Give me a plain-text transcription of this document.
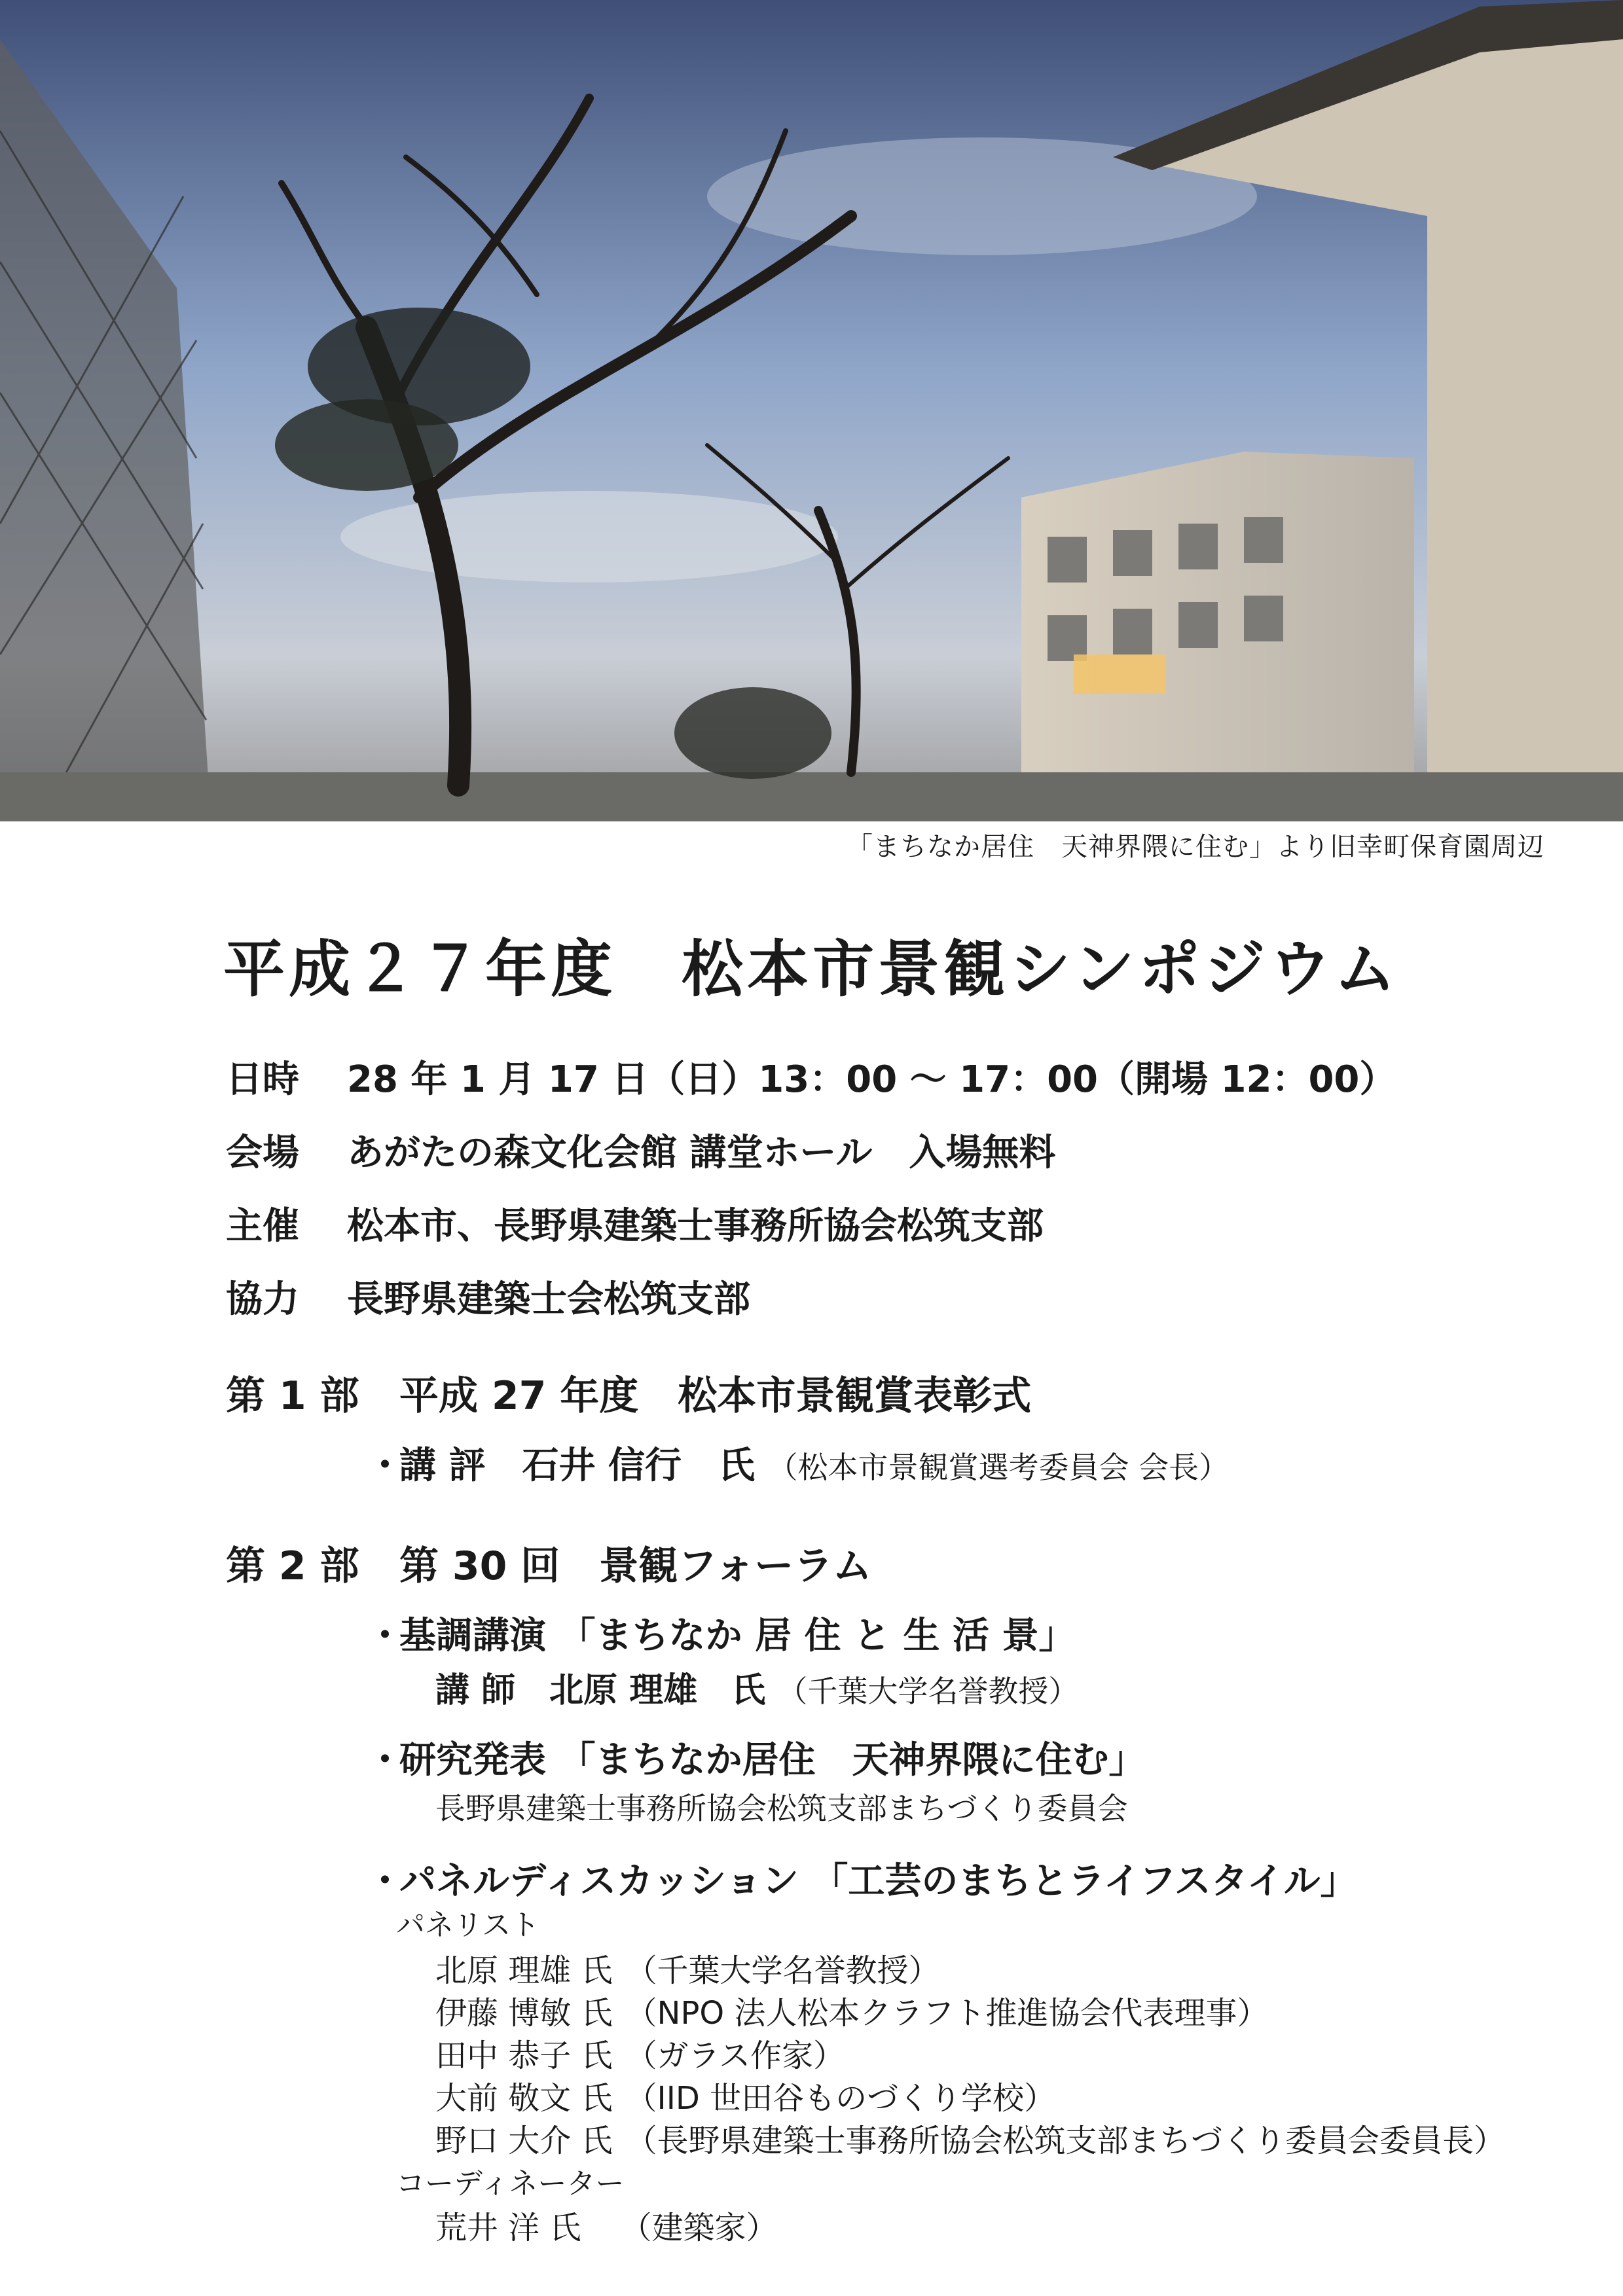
「まちなか居住　天神界隈に住む」より旧幸町保育園周辺
平成２７年度　松本市景観シンポジウム
日時 28 年 1 月 17 日（日）13：00 ～ 17：00（開場 12：00）
会場 あがたの森文化会館 講堂ホール　入場無料
主催 松本市、長野県建築士事務所協会松筑支部
協力 長野県建築士会松筑支部
第 1 部 平成 27 年度　松本市景観賞表彰式
・講 評　石井 信行　氏 （松本市景観賞選考委員会 会長）
第 2 部 第 30 回　景観フォーラム
・基調講演 「まちなか 居 住 と 生 活 景」
講 師　北原 理雄　氏 （千葉大学名誉教授）
・研究発表 「まちなか居住　天神界隈に住む」
長野県建築士事務所協会松筑支部まちづくり委員会
・パネルディスカッション 「工芸のまちとライフスタイル」
パネリスト
北原 理雄 氏 （千葉大学名誉教授）
伊藤 博敏 氏 （NPO 法人松本クラフト推進協会代表理事）
田中 恭子 氏 （ガラス作家）
大前 敬文 氏 （IID 世田谷ものづくり学校）
野口 大介 氏 （長野県建築士事務所協会松筑支部まちづくり委員会委員長）
コーディネーター
荒井 洋 氏 （建築家）
